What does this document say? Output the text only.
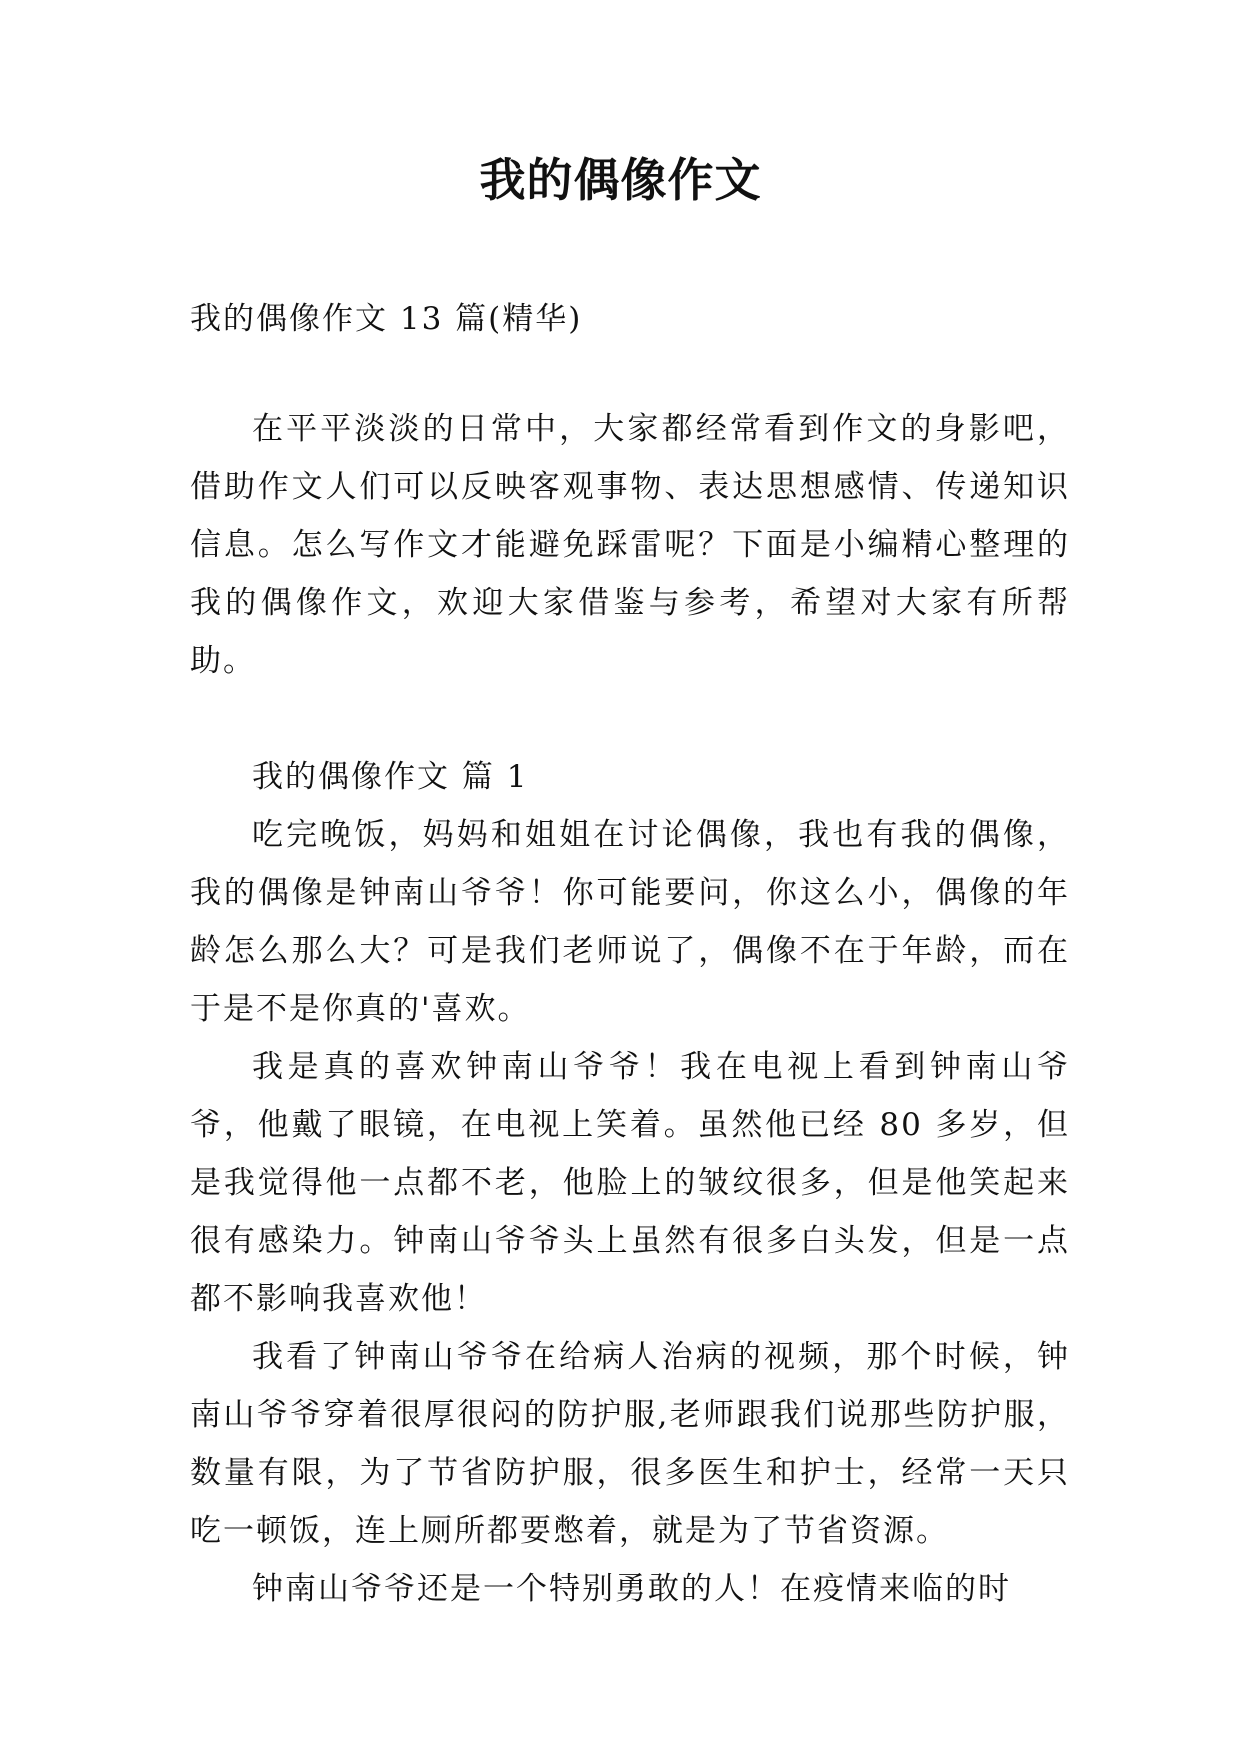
我的偶像作文

我的偶像作文 13 篇(精华)

在平平淡淡的日常中，大家都经常看到作文的身影吧，借助作文人们可以反映客观事物、表达思想感情、传递知识信息。怎么写作文才能避免踩雷呢？下面是小编精心整理的我的偶像作文，欢迎大家借鉴与参考，希望对大家有所帮助。

我的偶像作文 篇 1

吃完晚饭，妈妈和姐姐在讨论偶像，我也有我的偶像，我的偶像是钟南山爷爷！你可能要问，你这么小，偶像的年龄怎么那么大？可是我们老师说了，偶像不在于年龄，而在于是不是你真的'喜欢。

我是真的喜欢钟南山爷爷！我在电视上看到钟南山爷爷，他戴了眼镜，在电视上笑着。虽然他已经 80 多岁，但是我觉得他一点都不老，他脸上的皱纹很多，但是他笑起来很有感染力。钟南山爷爷头上虽然有很多白头发，但是一点都不影响我喜欢他！

我看了钟南山爷爷在给病人治病的视频，那个时候，钟南山爷爷穿着很厚很闷的防护服,老师跟我们说那些防护服，数量有限，为了节省防护服，很多医生和护士，经常一天只吃一顿饭，连上厕所都要憋着，就是为了节省资源。

钟南山爷爷还是一个特别勇敢的人！在疫情来临的时
